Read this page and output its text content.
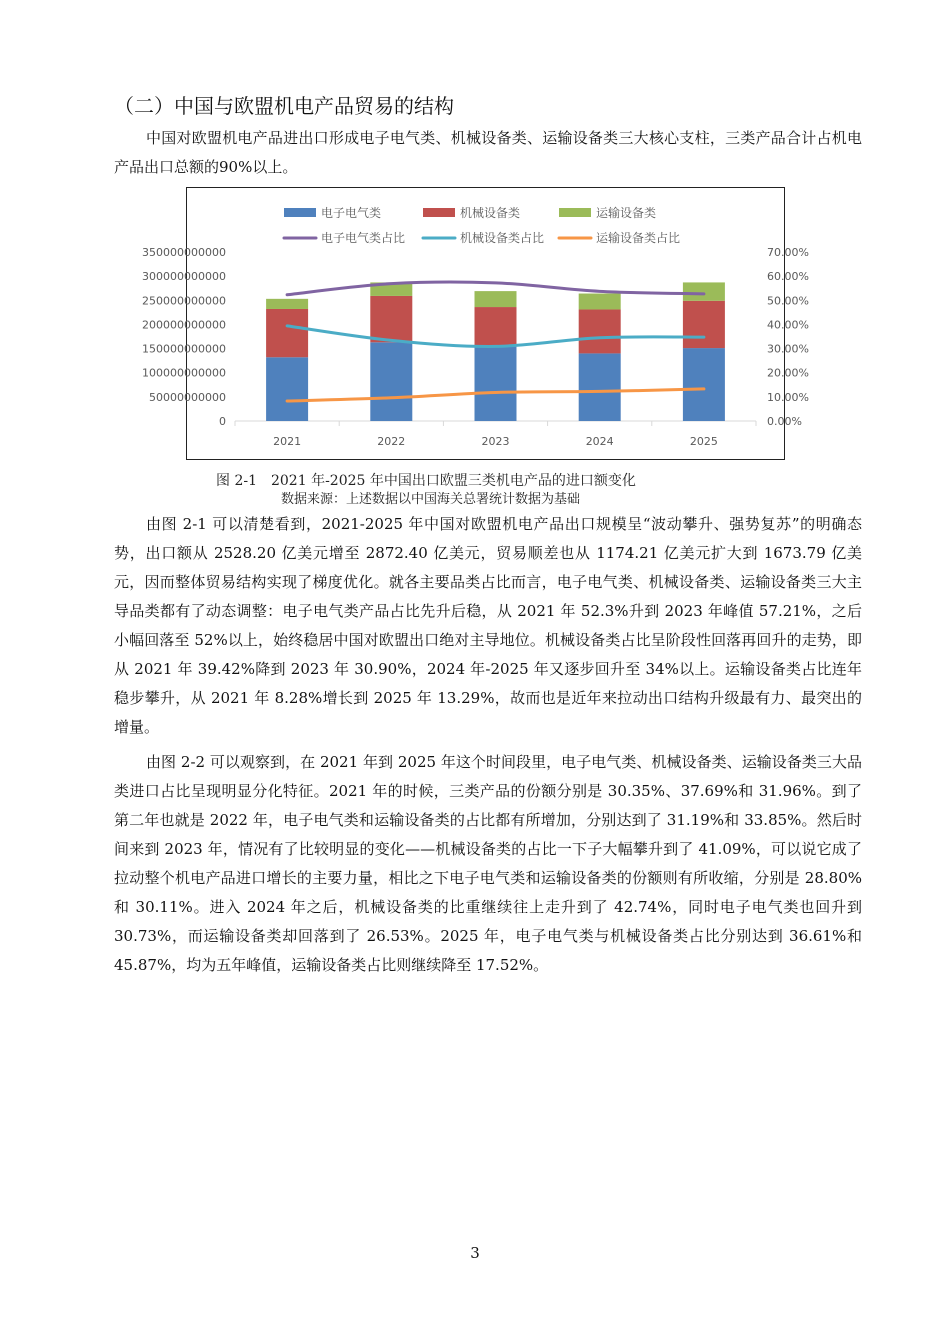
（二）中国与欧盟机电产品贸易的结构

中国对欧盟机电产品进出口形成电子电气类、机械设备类、运输设备类三大核心支柱，三类产品合计占机电产品出口总额的90%以上。

350000000000
300000000000
250000000000
200000000000
150000000000
100000000000
50000000000
0
70.00%
60.00%
50.00%
40.00%
30.00%
20.00%
10.00%
0.00%
2021	2022	2023	2024	2025
电子电气类	机械设备类	运输设备类
电子电气类占比	机械设备类占比	运输设备类占比
图 2-1　2021 年-2025 年中国出口欧盟三类机电产品的进口额变化
数据来源：上述数据以中国海关总署统计数据为基础

由图 2-1 可以清楚看到，2021-2025 年中国对欧盟机电产品出口规模呈“波动攀升、强势复苏”的明确态势，出口额从 2528.20 亿美元增至 2872.40 亿美元，贸易顺差也从 1174.21 亿美元扩大到 1673.79 亿美元，因而整体贸易结构实现了梯度优化。就各主要品类占比而言，电子电气类、机械设备类、运输设备类三大主导品类都有了动态调整：电子电气类产品占比先升后稳，从 2021 年 52.3%升到 2023 年峰值 57.21%，之后小幅回落至 52%以上，始终稳居中国对欧盟出口绝对主导地位。机械设备类占比呈阶段性回落再回升的走势，即从 2021 年 39.42%降到 2023 年 30.90%，2024 年-2025 年又逐步回升至 34%以上。运输设备类占比连年稳步攀升，从 2021 年 8.28%增长到 2025 年 13.29%，故而也是近年来拉动出口结构升级最有力、最突出的增量。

由图 2-2 可以观察到，在 2021 年到 2025 年这个时间段里，电子电气类、机械设备类、运输设备类三大品类进口占比呈现明显分化特征。2021 年的时候，三类产品的份额分别是 30.35%、37.69%和 31.96%。到了第二年也就是 2022 年，电子电气类和运输设备类的占比都有所增加，分别达到了 31.19%和 33.85%。然后时间来到 2023 年，情况有了比较明显的变化——机械设备类的占比一下子大幅攀升到了 41.09%，可以说它成了拉动整个机电产品进口增长的主要力量，相比之下电子电气类和运输设备类的份额则有所收缩，分别是 28.80%和 30.11%。进入 2024 年之后，机械设备类的比重继续往上走升到了 42.74%，同时电子电气类也回升到 30.73%，而运输设备类却回落到了 26.53%。2025 年，电子电气类与机械设备类占比分别达到 36.61%和 45.87%，均为五年峰值，运输设备类占比则继续降至 17.52%。

3
